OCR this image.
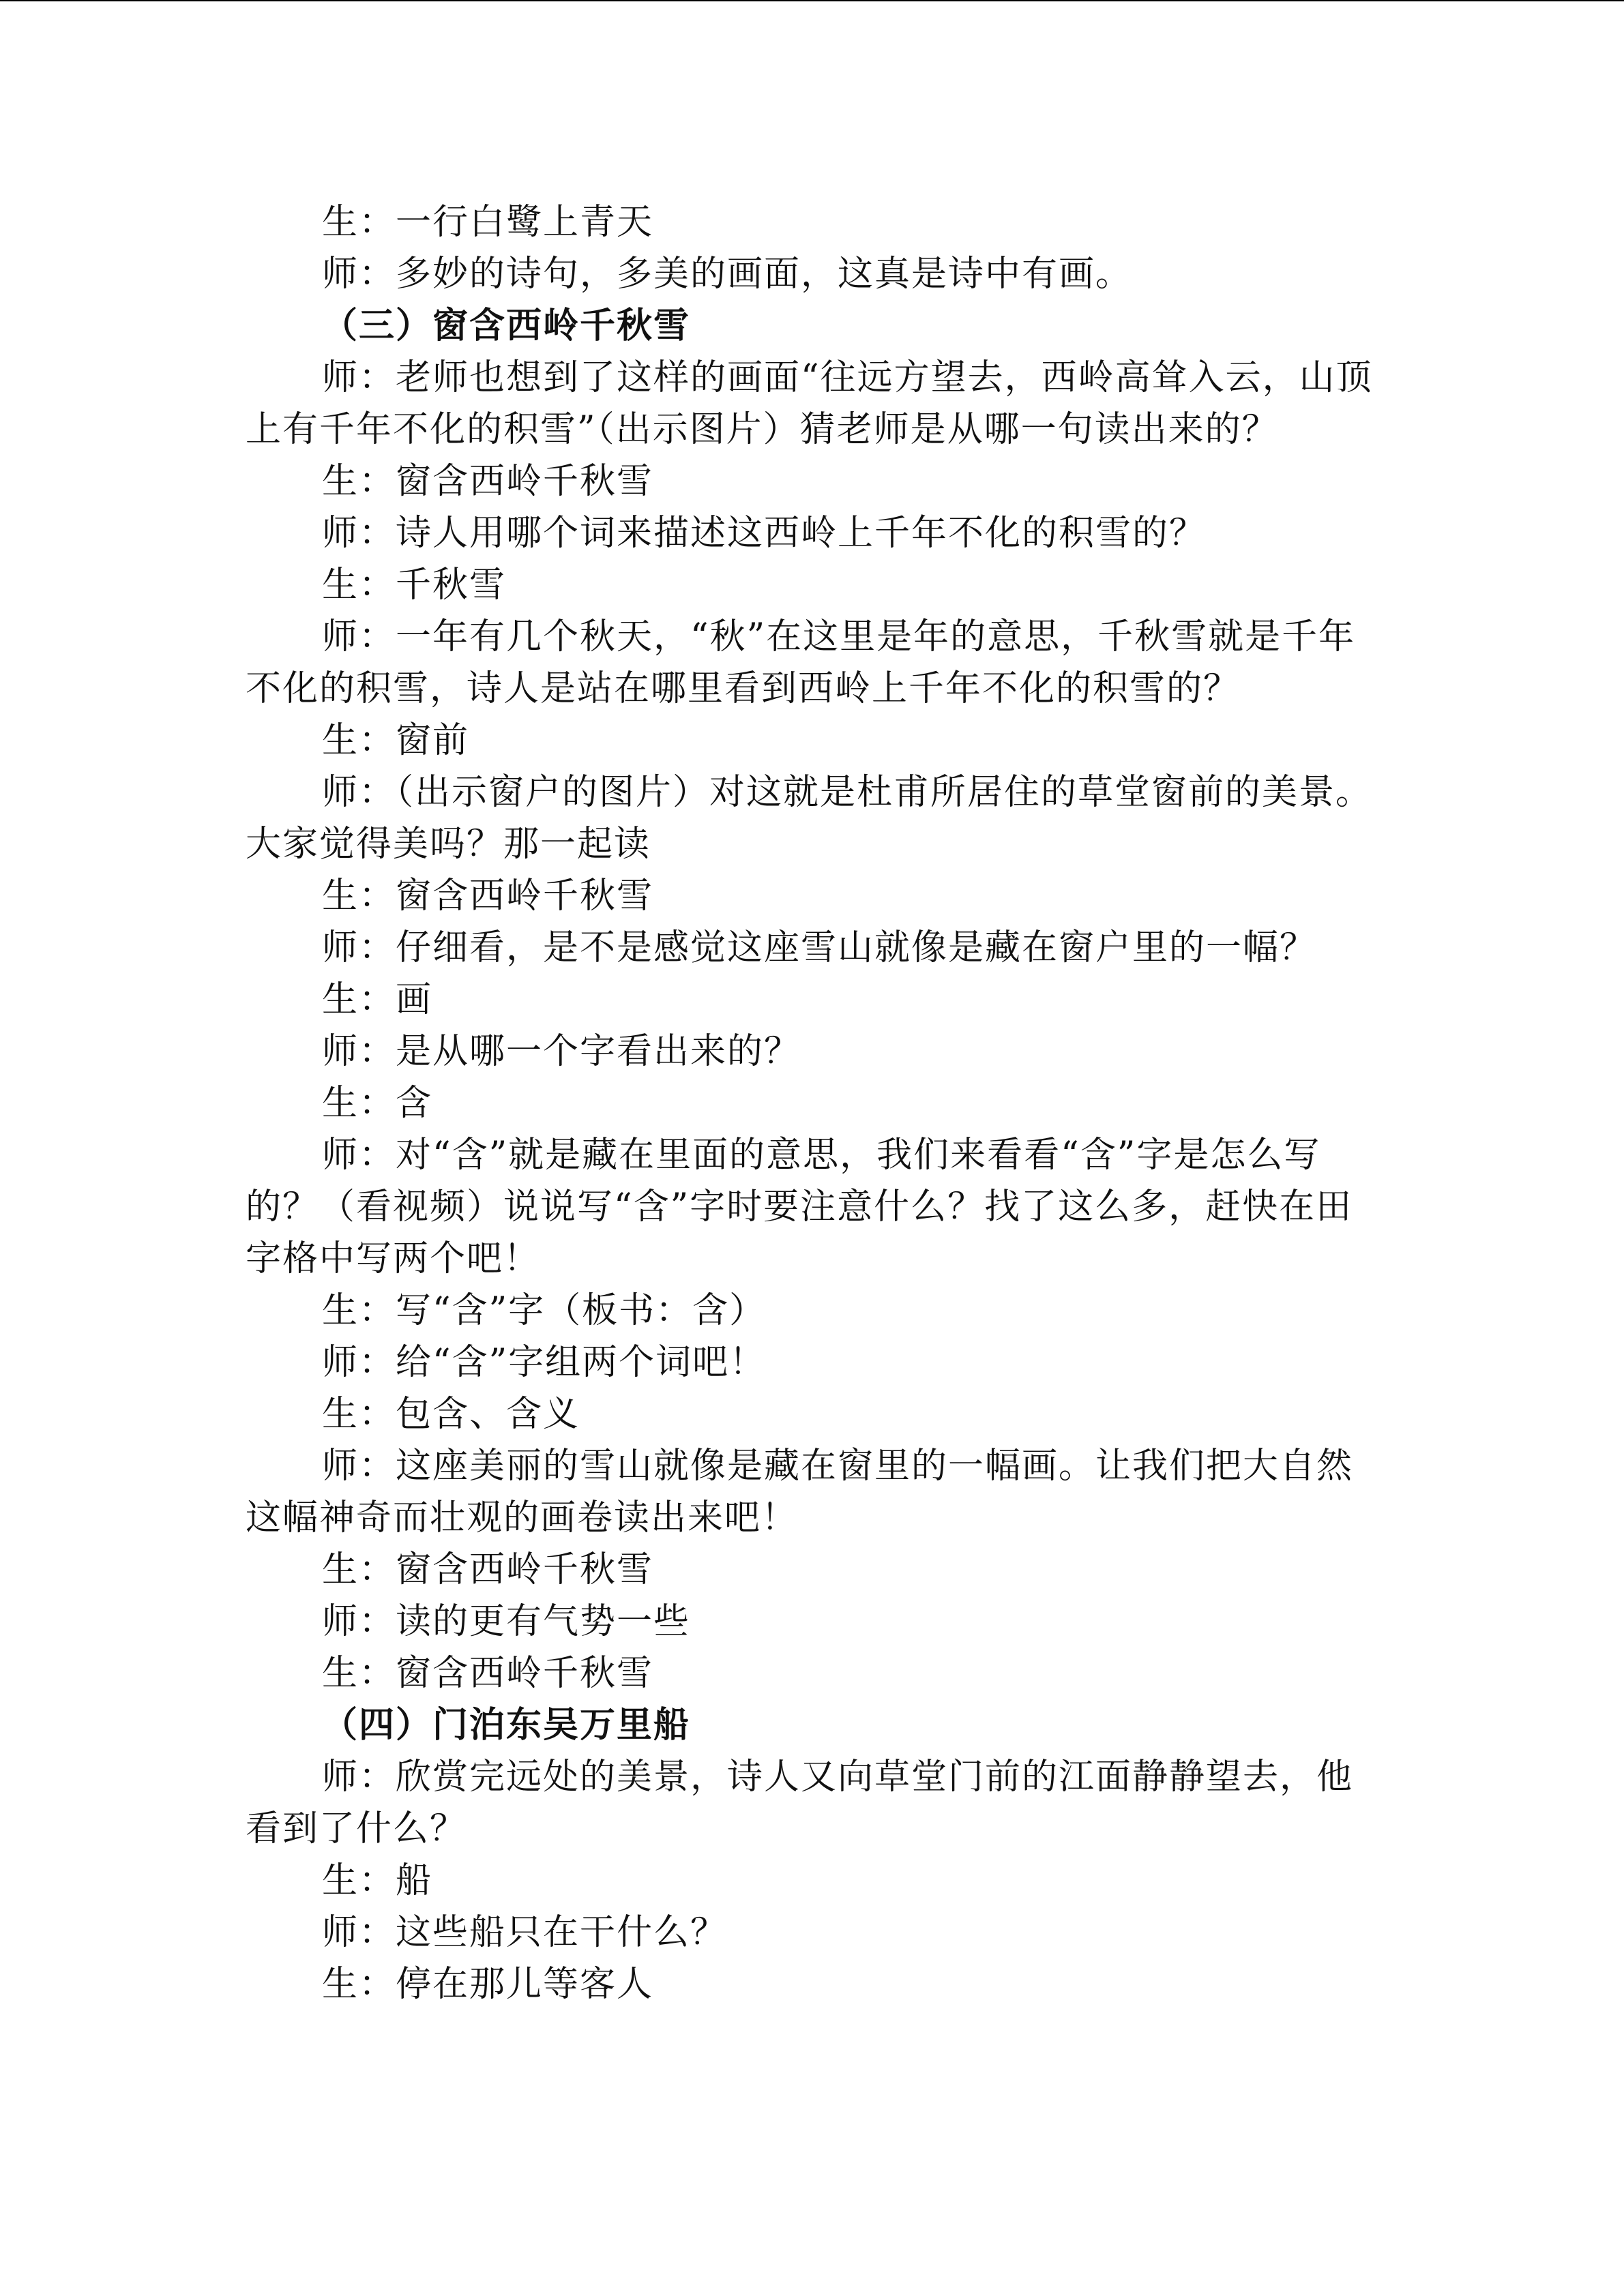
生：一行白鹭上青天

师：多妙的诗句，多美的画面，这真是诗中有画。

（三）窗含西岭千秋雪

师：老师也想到了这样的画面“往远方望去，西岭高耸入云，山顶上有千年不化的积雪”（出示图片）猜老师是从哪一句读出来的？

生：窗含西岭千秋雪

师：诗人用哪个词来描述这西岭上千年不化的积雪的？

生：千秋雪

师：一年有几个秋天，“秋”在这里是年的意思，千秋雪就是千年不化的积雪，诗人是站在哪里看到西岭上千年不化的积雪的？

生：窗前

师：（出示窗户的图片）对这就是杜甫所居住的草堂窗前的美景。大家觉得美吗？那一起读

生：窗含西岭千秋雪

师：仔细看，是不是感觉这座雪山就像是藏在窗户里的一幅？

生：画

师：是从哪一个字看出来的？

生：含

师：对“含”就是藏在里面的意思，我们来看看“含”字是怎么写的？（看视频）说说写“含”字时要注意什么？找了这么多，赶快在田字格中写两个吧！

生：写“含”字（板书：含）

师：给“含”字组两个词吧！

生：包含、含义

师：这座美丽的雪山就像是藏在窗里的一幅画。让我们把大自然这幅神奇而壮观的画卷读出来吧！

生：窗含西岭千秋雪

师：读的更有气势一些

生：窗含西岭千秋雪

（四）门泊东吴万里船

师：欣赏完远处的美景，诗人又向草堂门前的江面静静望去，他看到了什么？

生：船

师：这些船只在干什么？

生：停在那儿等客人
